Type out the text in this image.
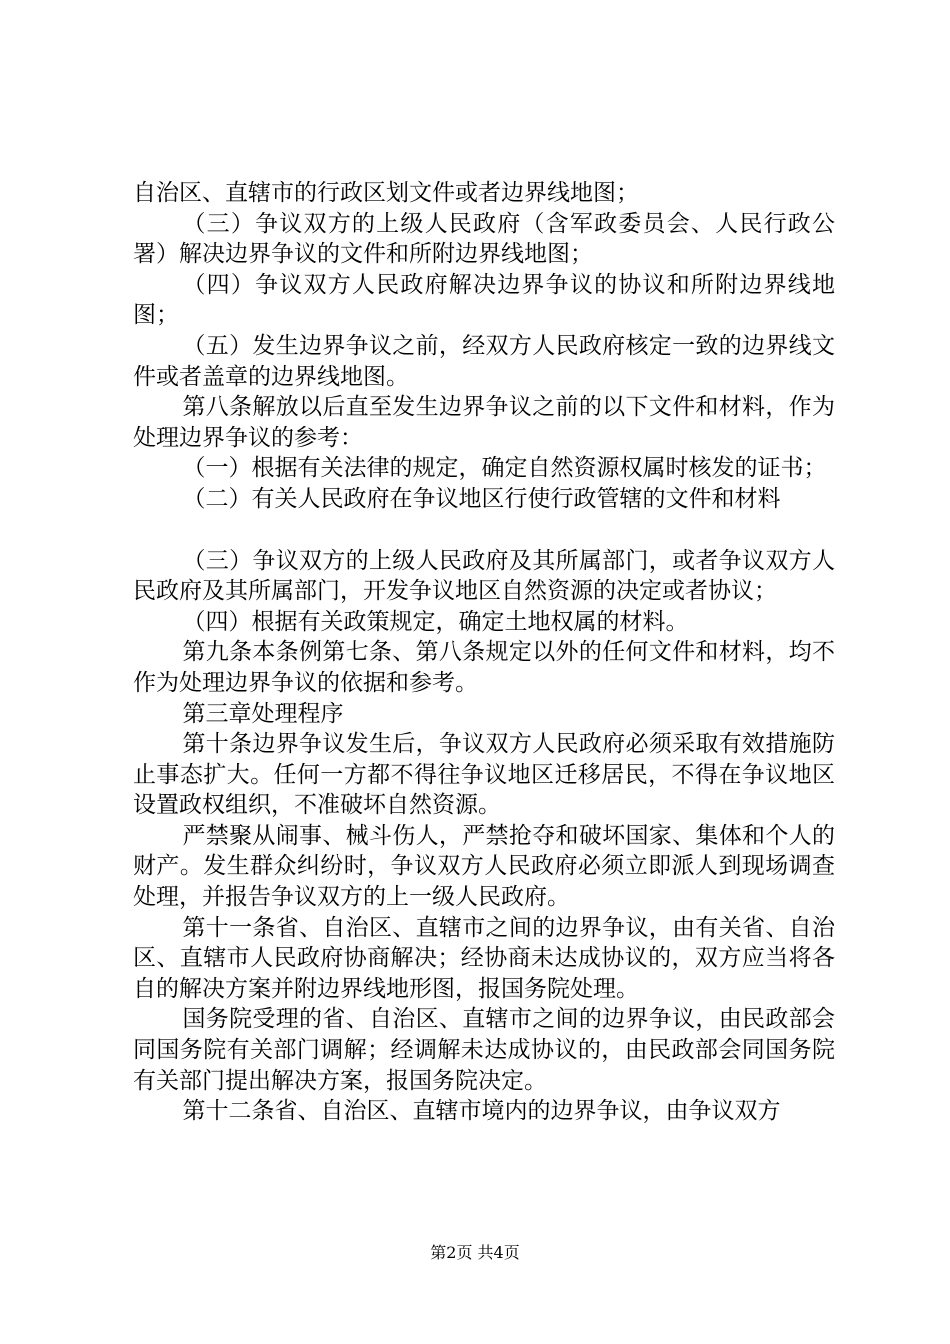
自治区、直辖市的行政区划文件或者边界线地图；

（三）争议双方的上级人民政府（含军政委员会、人民行政公署）解决边界争议的文件和所附边界线地图；

（四）争议双方人民政府解决边界争议的协议和所附边界线地图；

（五）发生边界争议之前，经双方人民政府核定一致的边界线文件或者盖章的边界线地图。

第八条解放以后直至发生边界争议之前的以下文件和材料，作为处理边界争议的参考：

（一）根据有关法律的规定，确定自然资源权属时核发的证书；

（二）有关人民政府在争议地区行使行政管辖的文件和材料

（三）争议双方的上级人民政府及其所属部门，或者争议双方人民政府及其所属部门，开发争议地区自然资源的决定或者协议；

（四）根据有关政策规定，确定土地权属的材料。

第九条本条例第七条、第八条规定以外的任何文件和材料，均不作为处理边界争议的依据和参考。

第三章处理程序

第十条边界争议发生后，争议双方人民政府必须采取有效措施防止事态扩大。任何一方都不得往争议地区迁移居民，不得在争议地区设置政权组织，不准破坏自然资源。

严禁聚从闹事、械斗伤人，严禁抢夺和破坏国家、集体和个人的财产。发生群众纠纷时，争议双方人民政府必须立即派人到现场调查处理，并报告争议双方的上一级人民政府。

第十一条省、自治区、直辖市之间的边界争议，由有关省、自治区、直辖市人民政府协商解决；经协商未达成协议的，双方应当将各自的解决方案并附边界线地形图，报国务院处理。

国务院受理的省、自治区、直辖市之间的边界争议，由民政部会同国务院有关部门调解；经调解未达成协议的，由民政部会同国务院有关部门提出解决方案，报国务院决定。

第十二条省、自治区、直辖市境内的边界争议，由争议双方

第2页 共4页
